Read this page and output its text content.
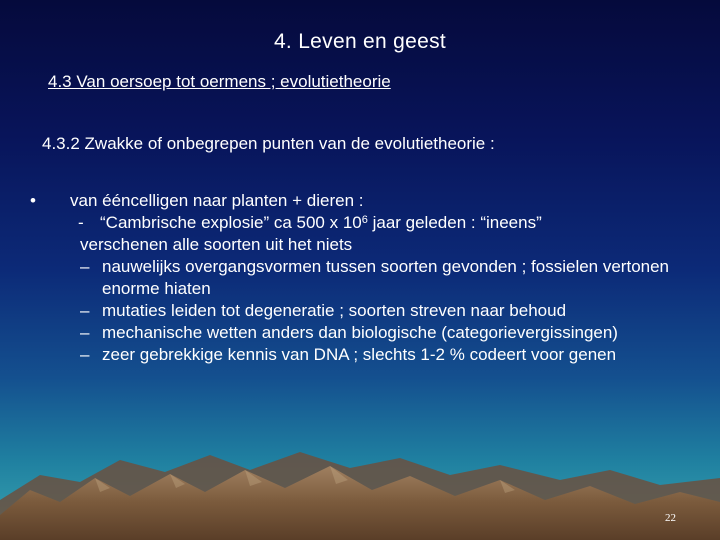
4. Leven en geest
4.3 Van oersoep tot oermens ; evolutietheorie
4.3.2 Zwakke of onbegrepen punten van de evolutietheorie :
• van ééncelligen naar planten + dieren :
- “Cambrische explosie” ca 500 x $10^6$ jaar geleden : “ineens”
verschenen alle soorten uit het niets
– nauwelijks overgangsvormen tussen soorten gevonden ; fossielen vertonen enorme hiaten
– mutaties leiden tot degeneratie ; soorten streven naar behoud
– mechanische wetten anders dan biologische (categorievergissingen)
– zeer gebrekkige kennis van DNA ; slechts 1-2 % codeert voor genen
22
